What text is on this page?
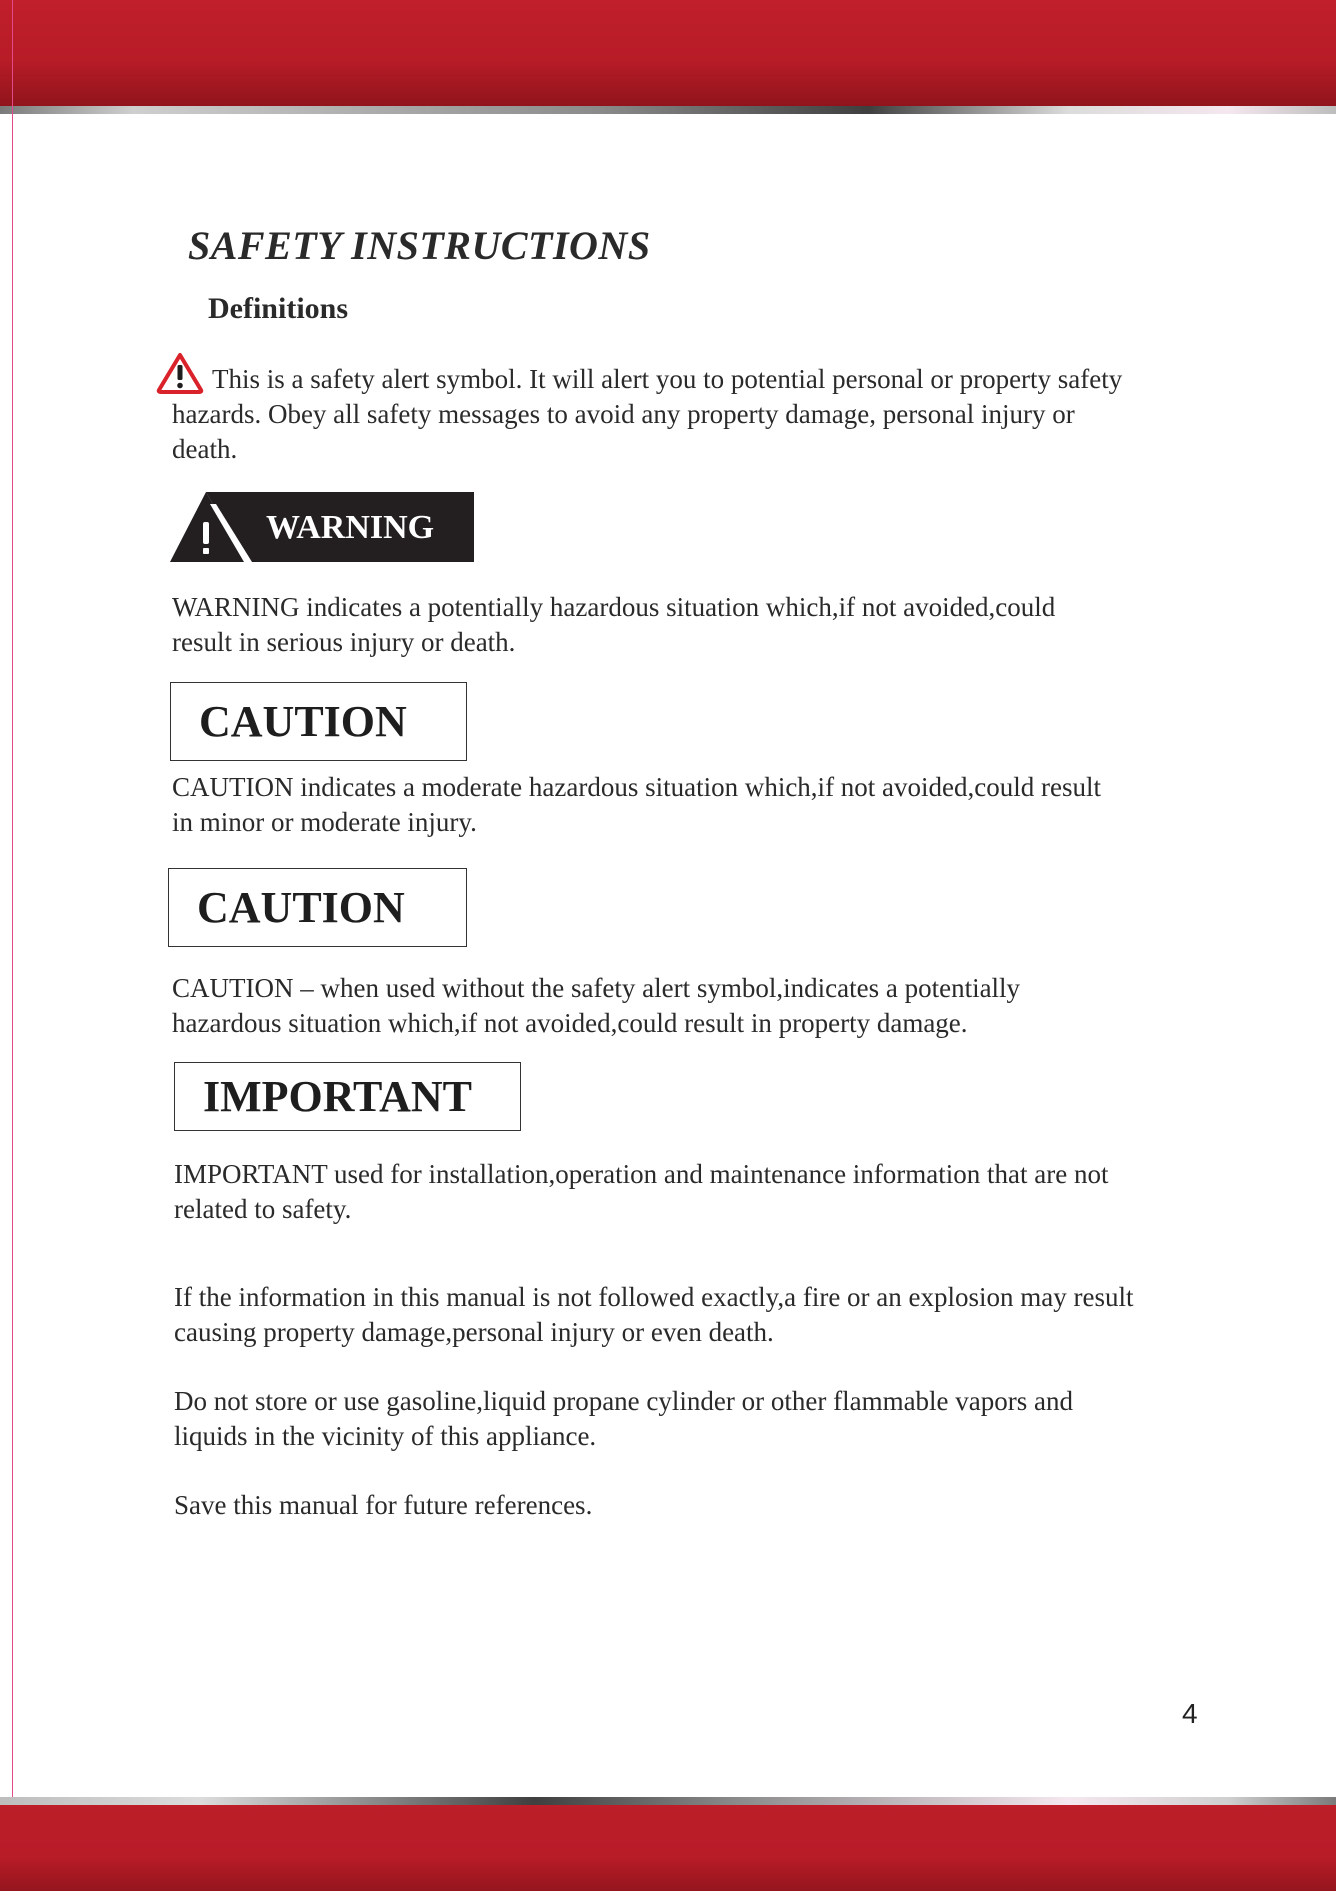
SAFETY INSTRUCTIONS
Definitions

This is a safety alert symbol. It will alert you to potential personal or property safety

hazards. Obey all safety messages to avoid any property damage, personal injury or

death.

WARNING

WARNING indicates a potentially hazardous situation which,if not avoided,could

result in serious injury or death.

CAUTION

CAUTION indicates a moderate hazardous situation which,if not avoided,could result

in minor or moderate injury.

CAUTION

CAUTION – when used without the safety alert symbol,indicates a potentially

hazardous situation which,if not avoided,could result in property damage.

IMPORTANT

IMPORTANT used for installation,operation and maintenance information that are not

related to safety.

If the information in this manual is not followed exactly,a fire or an explosion may result

causing property damage,personal injury or even death.

Do not store or use gasoline,liquid propane cylinder or other flammable vapors and

liquids in the vicinity of this appliance.

Save this manual for future references.

4
